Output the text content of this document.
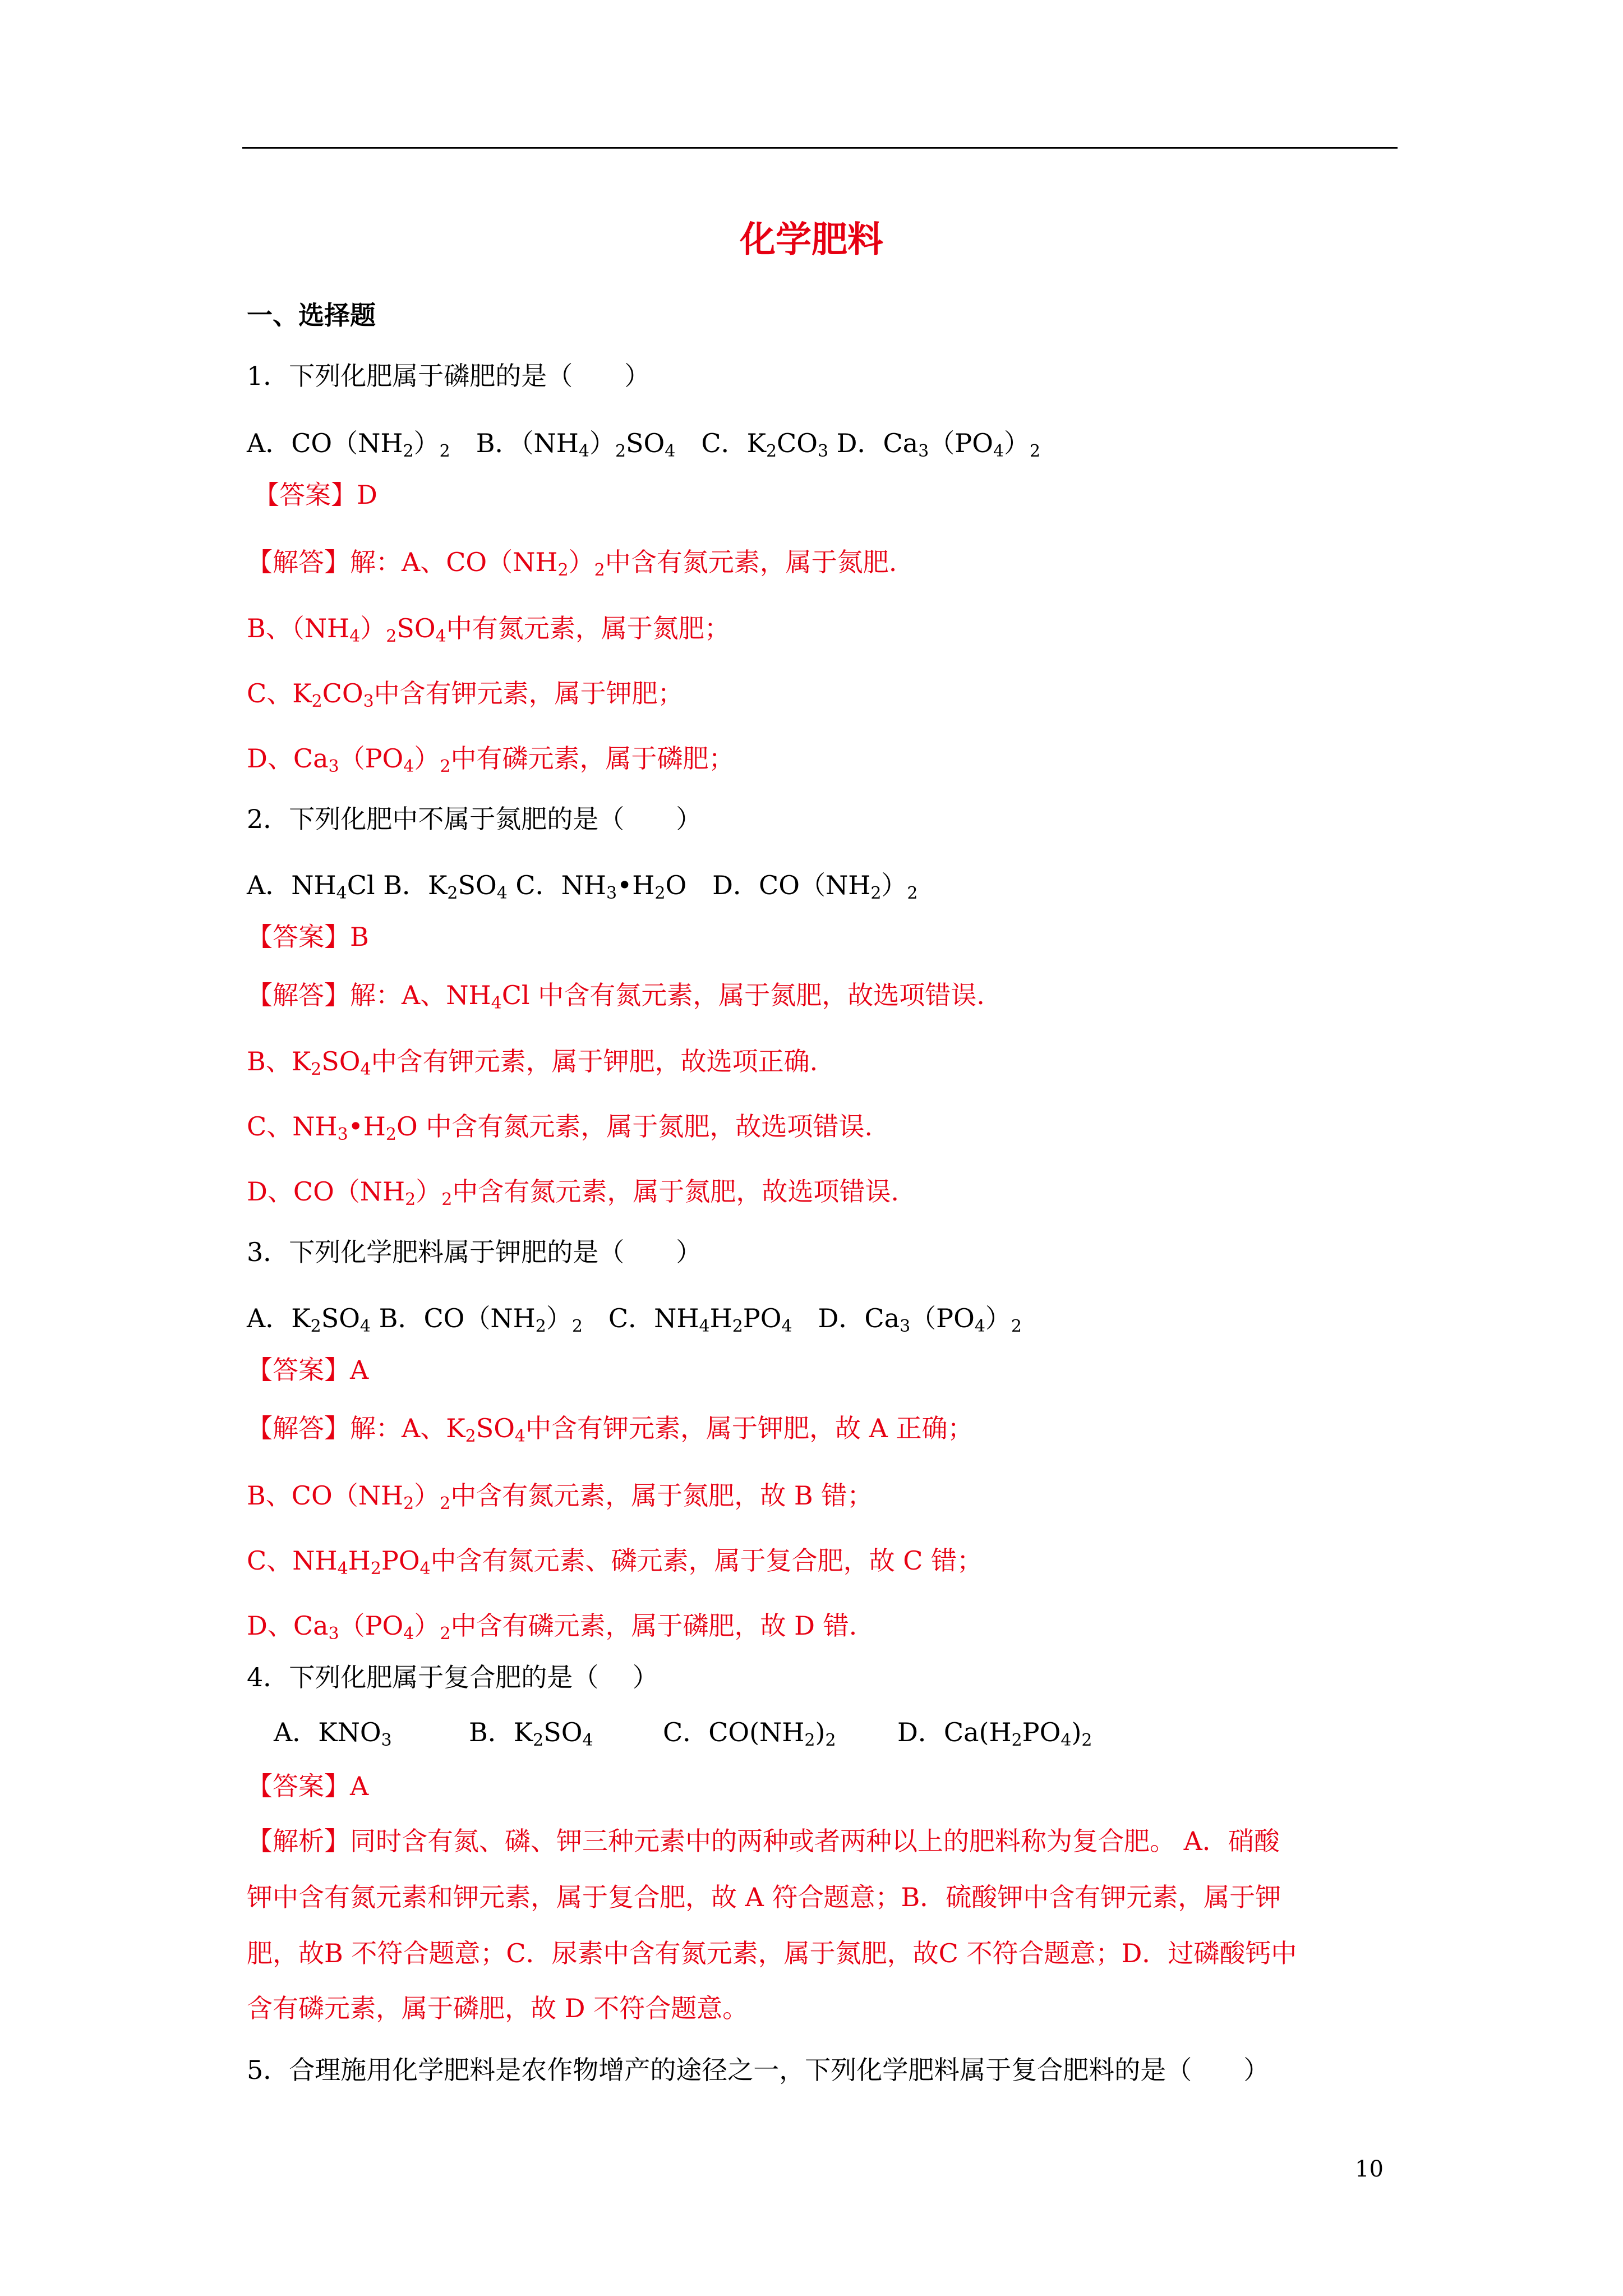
化学肥料
一、选择题
1．下列化肥属于磷肥的是（　　）
A．$CO(NH_2)_2$　B．$(NH_4)_2SO_4$　C．$K_2CO_3$ D．$Ca_3(PO_4)_2$
【答案】D
【解答】解：A、$CO(NH_2)_2$中含有氮元素，属于氮肥.
B、$(NH_4)_2SO_4$中有氮元素，属于氮肥；
C、$K_2CO_3$中含有钾元素，属于钾肥；
D、$Ca_3(PO_4)_2$中有磷元素，属于磷肥；
2．下列化肥中不属于氮肥的是（　　）
A．$NH_4Cl$ B．$K_2SO_4$ C．$NH_3•H_2O$　D．$CO(NH_2)_2$
【答案】B
【解答】解：A、$NH_4Cl$ 中含有氮元素，属于氮肥，故选项错误.
B、$K_2SO_4$中含有钾元素，属于钾肥，故选项正确.
C、$NH_3•H_2O$ 中含有氮元素，属于氮肥，故选项错误.
D、$CO(NH_2)_2$中含有氮元素，属于氮肥，故选项错误.
3．下列化学肥料属于钾肥的是（　　）
A．$K_2SO_4$ B．$CO(NH_2)_2$　C．$NH_4H_2PO_4$　D．$Ca_3(PO_4)_2$
【答案】A
【解答】解：A、$K_2SO_4$中含有钾元素，属于钾肥，故 A 正确；
B、$CO(NH_2)_2$中含有氮元素，属于氮肥，故 B 错；
C、$NH_4H_2PO_4$中含有氮元素、磷元素，属于复合肥，故 C 错；
D、$Ca_3(PO_4)_2$中含有磷元素，属于磷肥，故 D 错.
4．下列化肥属于复合肥的是（　 ）
A．$KNO_3$	B．$K_2SO_4$	C．$CO(NH_2)_2$ D．$Ca(H_2PO_4)_2$
【答案】A
【解析】同时含有氮、磷、钾三种元素中的两种或者两种以上的肥料称为复合肥。 A．硝酸
钾中含有氮元素和钾元素，属于复合肥，故 A 符合题意；B．硫酸钾中含有钾元素，属于钾
肥，故B 不符合题意；C．尿素中含有氮元素，属于氮肥，故C 不符合题意；D．过磷酸钙中
含有磷元素，属于磷肥，故 D 不符合题意。
5．合理施用化学肥料是农作物增产的途径之一，下列化学肥料属于复合肥料的是（　　）
10
